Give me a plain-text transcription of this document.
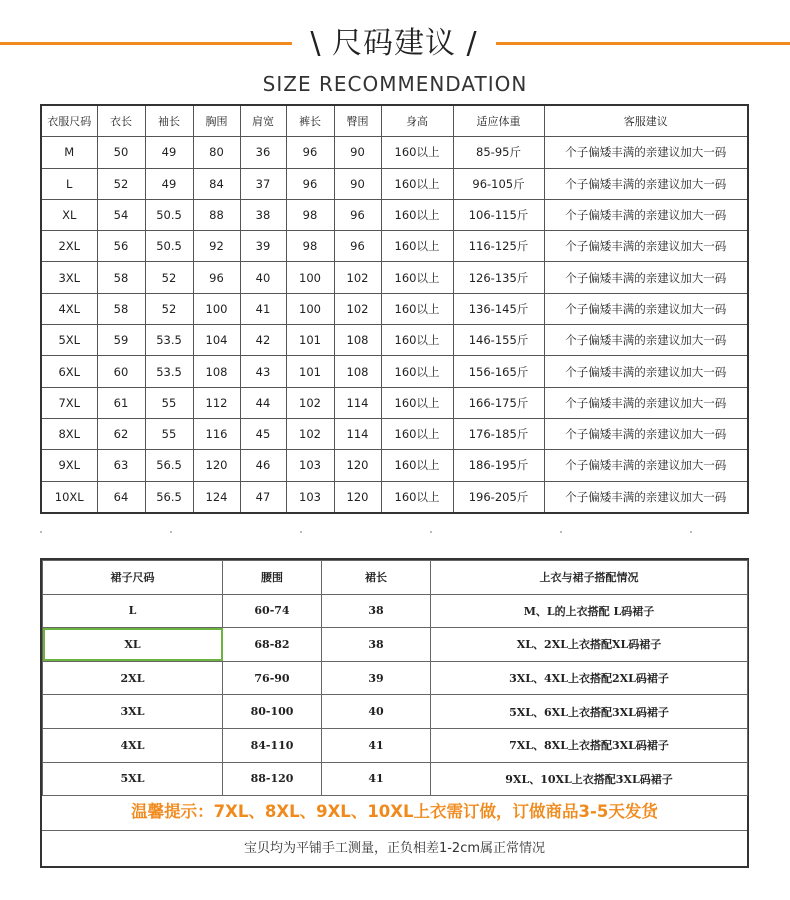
\ 尺码建议 /
SIZE RECOMMENDATION
衣服尺码	衣长	袖长	胸围	肩宽	裤长	臀围	身高	适应体重	客服建议
M	50	49	80	36	96	90	160以上	85-95斤	个子偏矮丰满的亲建议加大一码
L	52	49	84	37	96	90	160以上	96-105斤	个子偏矮丰满的亲建议加大一码
XL	54	50.5	88	38	98	96	160以上	106-115斤	个子偏矮丰满的亲建议加大一码
2XL	56	50.5	92	39	98	96	160以上	116-125斤	个子偏矮丰满的亲建议加大一码
3XL	58	52	96	40	100	102	160以上	126-135斤	个子偏矮丰满的亲建议加大一码
4XL	58	52	100	41	100	102	160以上	136-145斤	个子偏矮丰满的亲建议加大一码
5XL	59	53.5	104	42	101	108	160以上	146-155斤	个子偏矮丰满的亲建议加大一码
6XL	60	53.5	108	43	101	108	160以上	156-165斤	个子偏矮丰满的亲建议加大一码
7XL	61	55	112	44	102	114	160以上	166-175斤	个子偏矮丰满的亲建议加大一码
8XL	62	55	116	45	102	114	160以上	176-185斤	个子偏矮丰满的亲建议加大一码
9XL	63	56.5	120	46	103	120	160以上	186-195斤	个子偏矮丰满的亲建议加大一码
10XL	64	56.5	124	47	103	120	160以上	196-205斤	个子偏矮丰满的亲建议加大一码
裙子尺码	腰围	裙长	上衣与裙子搭配情况
L	60-74	38	M、L的上衣搭配 L码裙子
XL	68-82	38	XL、2XL上衣搭配XL码裙子
2XL	76-90	39	3XL、4XL上衣搭配2XL码裙子
3XL	80-100	40	5XL、6XL上衣搭配3XL码裙子
4XL	84-110	41	7XL、8XL上衣搭配3XL码裙子
5XL	88-120	41	9XL、10XL上衣搭配3XL码裙子
温馨提示：7XL、8XL、9XL、10XL上衣需订做，订做商品3-5天发货
宝贝均为平铺手工测量，正负相差1-2cm属正常情况
